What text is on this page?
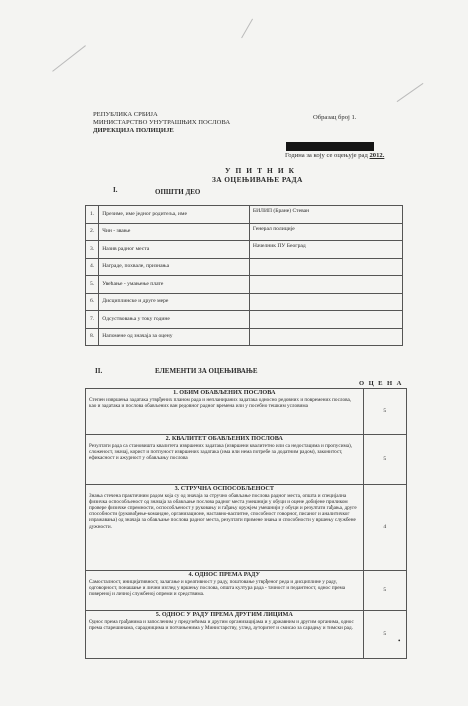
РЕПУБЛИКА СРБИЈА
МИНИСТАРСТВО УНУТРАШЊИХ ПОСЛОВА
ДИРЕКЦИЈА ПОЛИЦИЈЕ
Образац број 1.
Година за коју се оцењује рад 2012.
У П И Т Н И К
ЗА ОЦЕЊИВАЊЕ РАДА
I.	ОПШТИ ДЕО
1.	Презиме, име једног родитеља, име	БИЛИП (Бране) Стеван
2.	Чин - звање	Генерал полиције
3.	Назив радног места	Начелник ПУ Београд
4.	Награде, похвале, признања	
5.	Увећање - умањење плате	
6.	Дисциплинске и друге мере	
7.	Одсуствовања у току године	
8.	Напомене од значаја за оцену	
II.	ЕЛЕМЕНТИ ЗА ОЦЕЊИВАЊЕ
О Ц Е Н А
1. ОБИМ ОБАВЉЕНИХ ПОСЛОВА
Степен извршења задатака утврђених планом рада и непланираних задатака односно редовних и повремених послова, као и задатака и послова обављених ван редовног радног времена или у посебно тешким условима	5

2. КВАЛИТЕТ ОБАВЉЕНИХ ПОСЛОВА
Резултати рада са становишта квалитета извршених задатака (извршени квалитетно или са недостацима и пропусима), сложеност, значај, корист и потпуност извршених задатака (има или нема потребе за додатним радом), законитост, ефикасност и ажурност у обављању послова	5

3. СТРУЧНА ОСПОСОБЉЕНОСТ
Знања стечена практичним радом која су од значаја за стручно обављање послова радног места, општа и специјална физичка оспособљеност од значаја за обављање послова радног места умешнији у обуци и оцене добијене приликом провере физичке спремности, оспособљеност у руковању и гађању оружјем умешнији у обуци и резултати гађања, друге способности (руковођење-командне, организационе, наставно-васпитне, способност говорног, писаног и аналитичког изражавања) од значаја за обављање послова радног места, резултати примене знања и способности у вршењу службене дужности.	4

4. ОДНОС ПРЕМА РАДУ
Самосталност, иницијативност, залагање и креативност у раду, поштовање утврђеног реда и дисциплине у раду, одговорност, понашање и лични изглед у вршењу послова, општа култура рада - тачност и педантност, однос према повереној и личној службеној опреми и средствима.	5

5. ОДНОС У РАДУ ПРЕМА ДРУГИМ ЛИЦИМА
Однос према грађанима и запосленим у предузећима и другим организацијама и у државним и другим органима, однос према старешинама, сарадницима и потчињенима у Министарству, углед, ауторитет и смисао за сарадњу и тимски рад.	5
•
